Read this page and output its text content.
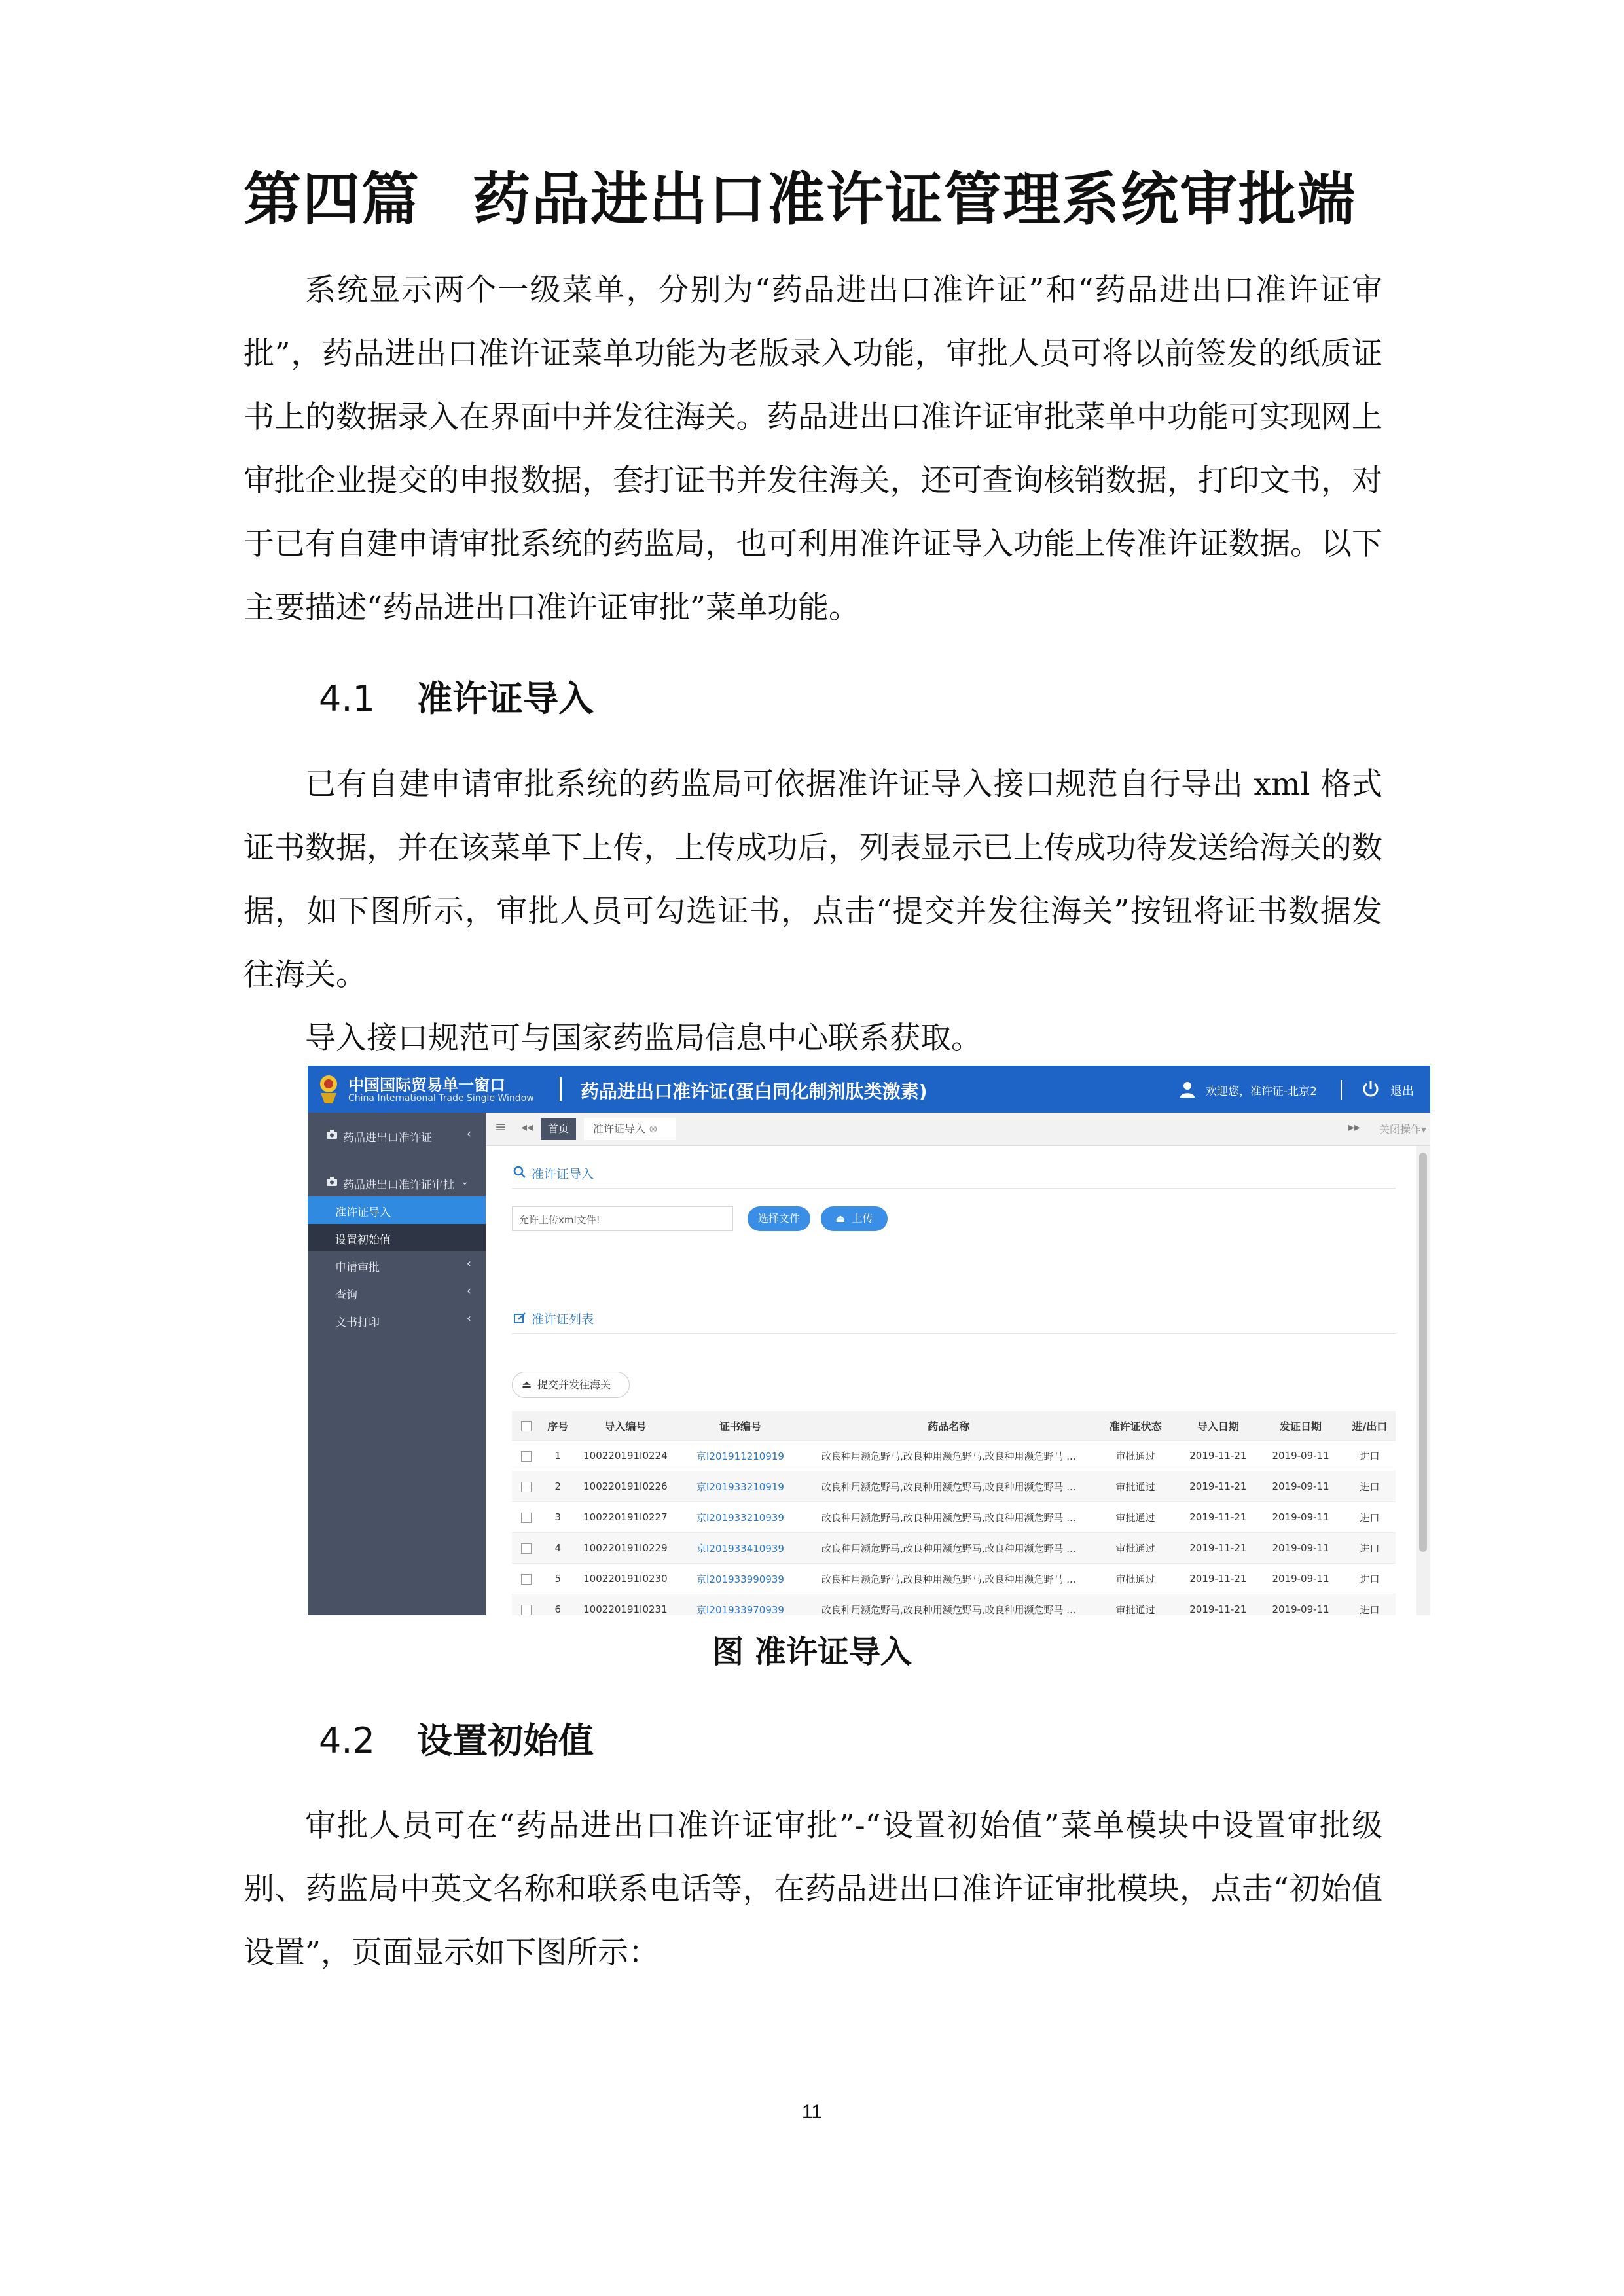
第四篇 药品进出口准许证管理系统审批端

系统显示两个一级菜单，分别为“药品进出口准许证”和“药品进出口准许证审批”，药品进出口准许证菜单功能为老版录入功能，审批人员可将以前签发的纸质证书上的数据录入在界面中并发往海关。药品进出口准许证审批菜单中功能可实现网上审批企业提交的申报数据，套打证书并发往海关，还可查询核销数据，打印文书，对于已有自建申请审批系统的药监局，也可利用准许证导入功能上传准许证数据。以下主要描述“药品进出口准许证审批”菜单功能。

4.1 准许证导入

已有自建申请审批系统的药监局可依据准许证导入接口规范自行导出 xml 格式证书数据，并在该菜单下上传，上传成功后，列表显示已上传成功待发送给海关的数据，如下图所示，审批人员可勾选证书，点击“提交并发往海关”按钮将证书数据发往海关。

导入接口规范可与国家药监局信息中心联系获取。

中国国际贸易单一窗口
China International Trade Single Window	药品进出口准许证(蛋白同化制剂肽类激素)	欢迎您，准许证-北京2	退出
药品进出口准许证	‹
药品进出口准许证审批 ⌄
准许证导入
设置初始值
申请审批	‹
查询	‹
文书打印	‹
≡ ◂◂	首页	准许证导入 ⊗	▸▸ 关闭操作▾
准许证导入
允许上传xml文件!	选择文件	⏏ 上传
准许证列表
⏏ 提交并发往海关
	序号	导入编号	证书编号	药品名称	准许证状态	导入日期	发证日期	进/出口
	1	100220191I0224	京I201911210919	改良种用濒危野马,改良种用濒危野马,改良种用濒危野马 ...	审批通过	2019-11-21	2019-09-11	进口
	2	100220191I0226	京I201933210919	改良种用濒危野马,改良种用濒危野马,改良种用濒危野马 ...	审批通过	2019-11-21	2019-09-11	进口
	3	100220191I0227	京I201933210939	改良种用濒危野马,改良种用濒危野马,改良种用濒危野马 ...	审批通过	2019-11-21	2019-09-11	进口
	4	100220191I0229	京I201933410939	改良种用濒危野马,改良种用濒危野马,改良种用濒危野马 ...	审批通过	2019-11-21	2019-09-11	进口
	5	100220191I0230	京I201933990939	改良种用濒危野马,改良种用濒危野马,改良种用濒危野马 ...	审批通过	2019-11-21	2019-09-11	进口
	6	100220191I0231	京I201933970939	改良种用濒危野马,改良种用濒危野马,改良种用濒危野马 ...	审批通过	2019-11-21	2019-09-11	进口

图 准许证导入
4.2 设置初始值

审批人员可在“药品进出口准许证审批”-“设置初始值”菜单模块中设置审批级别、药监局中英文名称和联系电话等，在药品进出口准许证审批模块，点击“初始值设置”，页面显示如下图所示：

11
